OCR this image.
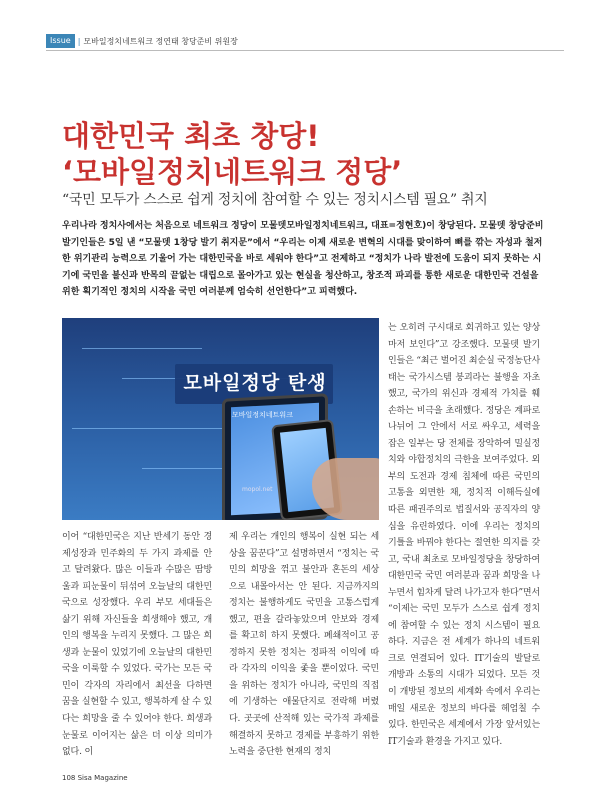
Issue | 모바일정치네트워크 정연태 창당준비 위원장
대한민국 최초 창당!
‘모바일정치네트워크 정당’

“국민 모두가 스스로 쉽게 정치에 참여할 수 있는 정치시스템 필요” 취지

우리나라 정치사에서는 처음으로 네트워크 정당이 모물뎃모바일정치네트워크, 대표=정현호)이 창당된다. 모물뎃 창당준비 발기인들은 5일 낸 “모물뎃 1창당 발기 취지문”에서 “우리는 이제 새로운 변혁의 시대를 맞이하여 뼈를 깎는 자성과 철저한 위기관리 능력으로 기울어 가는 대한민국을 바로 세워야 한다”고 전제하고 “정치가 나라 발전에 도움이 되지 못하는 시기에 국민을 불신과 반목의 끝없는 대립으로 몰아가고 있는 현실을 청산하고, 창조적 파괴를 통한 새로운 대한민국 건설을 위한 획기적인 정치의 시작을 국민 여러분께 엄숙히 선언한다”고 피력했다.

모바일정당 탄생
모바일정치네트워크
mopol.net

이어 “대한민국은 지난 반세기 동안 경제성장과 민주화의 두 가지 과제를 안고 달려왔다. 많은 이들과 수많은 땀방울과 피눈물이 뒤섞여 오늘날의 대한민국으로 성장했다. 우리 부모 세대들은 삶기 위해 자신들을 희생해야 했고, 개인의 행복을 누리지 못했다. 그 많은 희생과 눈물이 있었기에 오늘날의 대한민국을 이룩할 수 있었다. 국가는 모든 국민이 각자의 자리에서 최선을 다하면 꿈을 실현할 수 있고, 행복하게 살 수 있다는 희망을 줄 수 있어야 한다. 희생과 눈물로 이어지는 삶은 더 이상 의미가 없다. 이

제 우리는 개인의 행복이 실현 되는 세상을 꿈꾼다”고 설명하면서 “정치는 국민의 희망을 꺾고 불안과 혼돈의 세상으로 내몰아서는 안 된다. 지금까지의 정치는 불행하게도 국민을 고통스럽게 했고, 편을 갈라놓았으며 안보와 경제를 확고히 하지 못했다. 폐쇄적이고 공정하지 못한 정치는 정파적 이익에 따라 각자의 이익을 좇을 뿐이었다. 국민을 위하는 정치가 아니라, 국민의 직접에 기생하는 애물단지로 전락해 버렸다. 곳곳에 산적해 있는 국가적 과제를 해결하지 못하고 경제를 부흥하기 위한 노력을 중단한 현재의 정치

는 오히려 구시대로 회귀하고 있는 양상마저 보인다”고 강조했다. 모물뎃 발기인들은 “최근 벌어진 최순실 국정농단사태는 국가시스템 붕괴라는 불행을 자초했고, 국가의 위신과 경제적 가치를 훼손하는 비극을 초래했다. 정당은 계파로 나뉘어 그 안에서 서로 싸우고, 세력을 잡은 일부는 당 전체를 장악하여 밀실정치와 야합정치의 극한을 보여주었다. 외부의 도전과 경제 침체에 따른 국민의 고통을 외면한 채, 정치적 이해득실에 따른 패권주의로 법질서와 공직자의 양심을 유린하였다. 이에 우리는 정치의 기틀을 바꿔야 한다는 절연한 의지를 갖고, 국내 최초로 모바일정당을 창당하여 대한민국 국민 여러분과 꿈과 희망을 나누면서 힘차게 달려 나가고자 한다”면서 “이제는 국민 모두가 스스로 쉽게 정치에 참여할 수 있는 정치 시스템이 필요하다. 지금은 전 세계가 하나의 네트워크로 연결되어 있다. IT기술의 발달로 개방과 소통의 시대가 되었다. 모든 것이 개방된 정보의 세계화 속에서 우리는 매일 새로운 정보의 바다를 헤엄칠 수 있다. 한민국은 세계에서 가장 앞서있는 IT기술과 환경을 가지고 있다.

108 Sisa Magazine
